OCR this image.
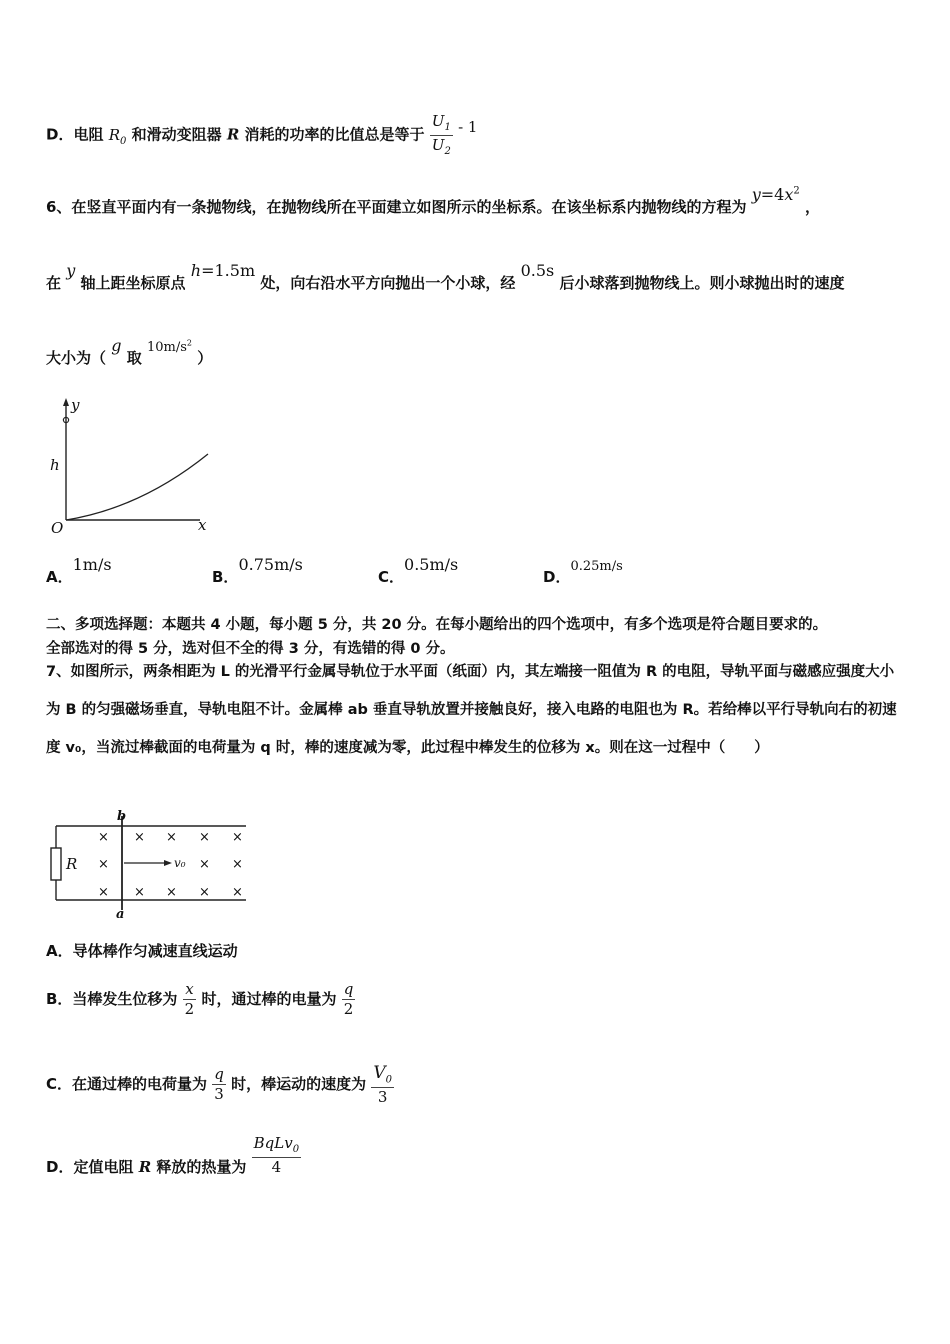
D．电阻 $R_0$ 和滑动变阻器 R 消耗的功率的比值总是等于 $\frac{U_1}{U_2} - 1$
6、在竖直平面内有一条抛物线，在抛物线所在平面建立如图所示的坐标系。在该坐标系内抛物线的方程为 $y=4x^2$ ，
在 y 轴上距坐标原点 h=1.5m 处，向右沿水平方向抛出一个小球，经 0.5s 后小球落到抛物线上。则小球抛出时的速度
大小为（ g 取 $10m/s^2$ ）
y
h
O	x
A．1m/s
B．0.75m/s
C．0.5m/s
D．0.25m/s
二、多项选择题：本题共 4 小题，每小题 5 分，共 20 分。在每小题给出的四个选项中，有多个选项是符合题目要求的。
全部选对的得 5 分，选对但不全的得 3 分，有选错的得 0 分。
7、如图所示，两条相距为 L 的光滑平行金属导轨位于水平面（纸面）内，其左端接一阻值为 R 的电阻，导轨平面与磁感应强度大小为 B 的匀强磁场垂直，导轨电阻不计。金属棒 ab 垂直导轨放置并接触良好，接入电路的电阻也为 R。若给棒以平行导轨向右的初速度 v₀，当流过棒截面的电荷量为 q 时，棒的速度减为零，此过程中棒发生的位移为 x。则在这一过程中（　　）
b
a
R	v₀
× × × × ×
×	× ×
× × × × ×
A．导体棒作匀减速直线运动
B．当棒发生位移为 $\frac{x}{2}$ 时，通过棒的电量为 $\frac{q}{2}$
C．在通过棒的电荷量为 $\frac{q}{3}$ 时，棒运动的速度为 $\frac{V_0}{3}$
D．定值电阻 R 释放的热量为 $\frac{BqLv_0}{4}$
